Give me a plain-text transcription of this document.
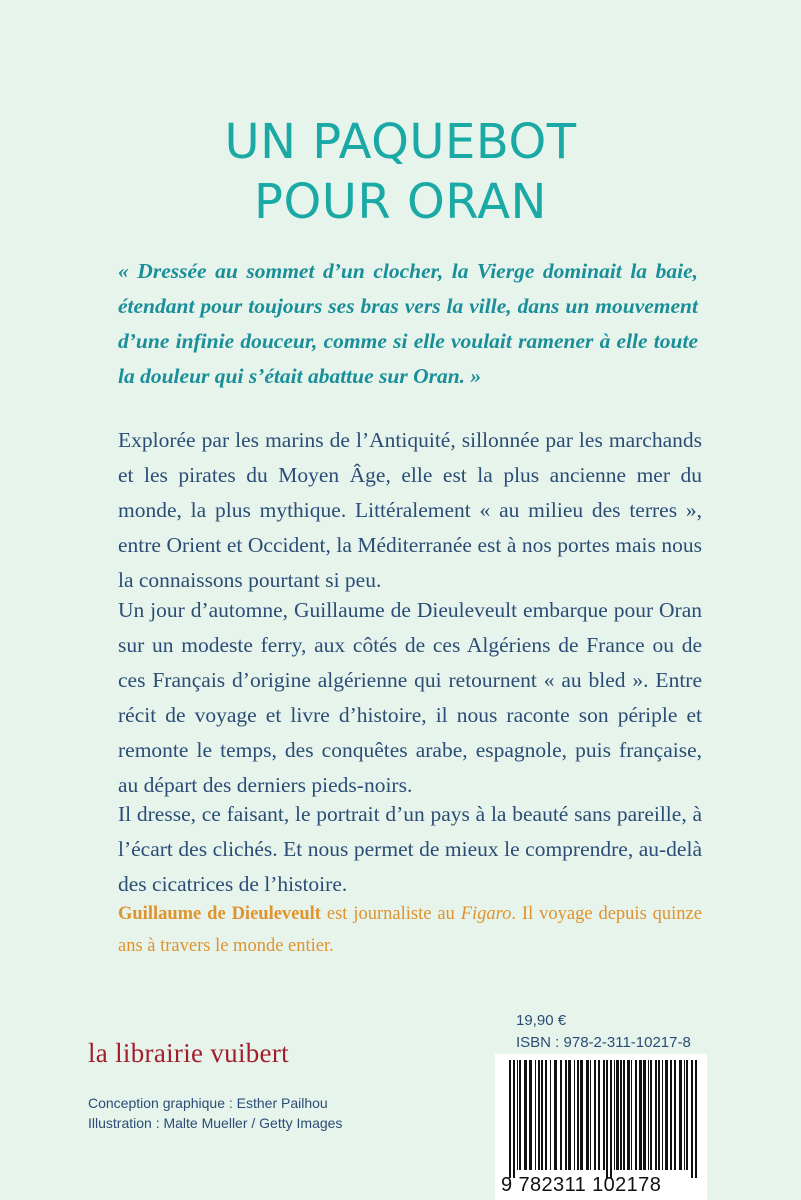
UN PAQUEBOT
POUR ORAN

« Dressée au sommet d’un clocher, la Vierge dominait la baie, étendant pour toujours ses bras vers la ville, dans un mouvement d’une infinie douceur, comme si elle voulait ramener à elle toute la douleur qui s’était abattue sur Oran. »

Explorée par les marins de l’Antiquité, sillonnée par les marchands et les pirates du Moyen Âge, elle est la plus ancienne mer du monde, la plus mythique. Littéralement « au milieu des terres », entre Orient et Occident, la Méditerranée est à nos portes mais nous la connaissons pourtant si peu.

Un jour d’automne, Guillaume de Dieuleveult embarque pour Oran sur un modeste ferry, aux côtés de ces Algériens de France ou de ces Français d’origine algérienne qui retournent « au bled ». Entre récit de voyage et livre d’histoire, il nous raconte son périple et remonte le temps, des conquêtes arabe, espagnole, puis française, au départ des derniers pieds-noirs.

Il dresse, ce faisant, le portrait d’un pays à la beauté sans pareille, à l’écart des clichés. Et nous permet de mieux le comprendre, au-delà des cicatrices de l’histoire.

Guillaume de Dieuleveult est journaliste au Figaro. Il voyage depuis quinze ans à travers le monde entier.

la librairie vuibert
Conception graphique : Esther Pailhou
Illustration : Malte Mueller / Getty Images
19,90 €
ISBN : 978-2-311-10217-8
9 782311 102178
